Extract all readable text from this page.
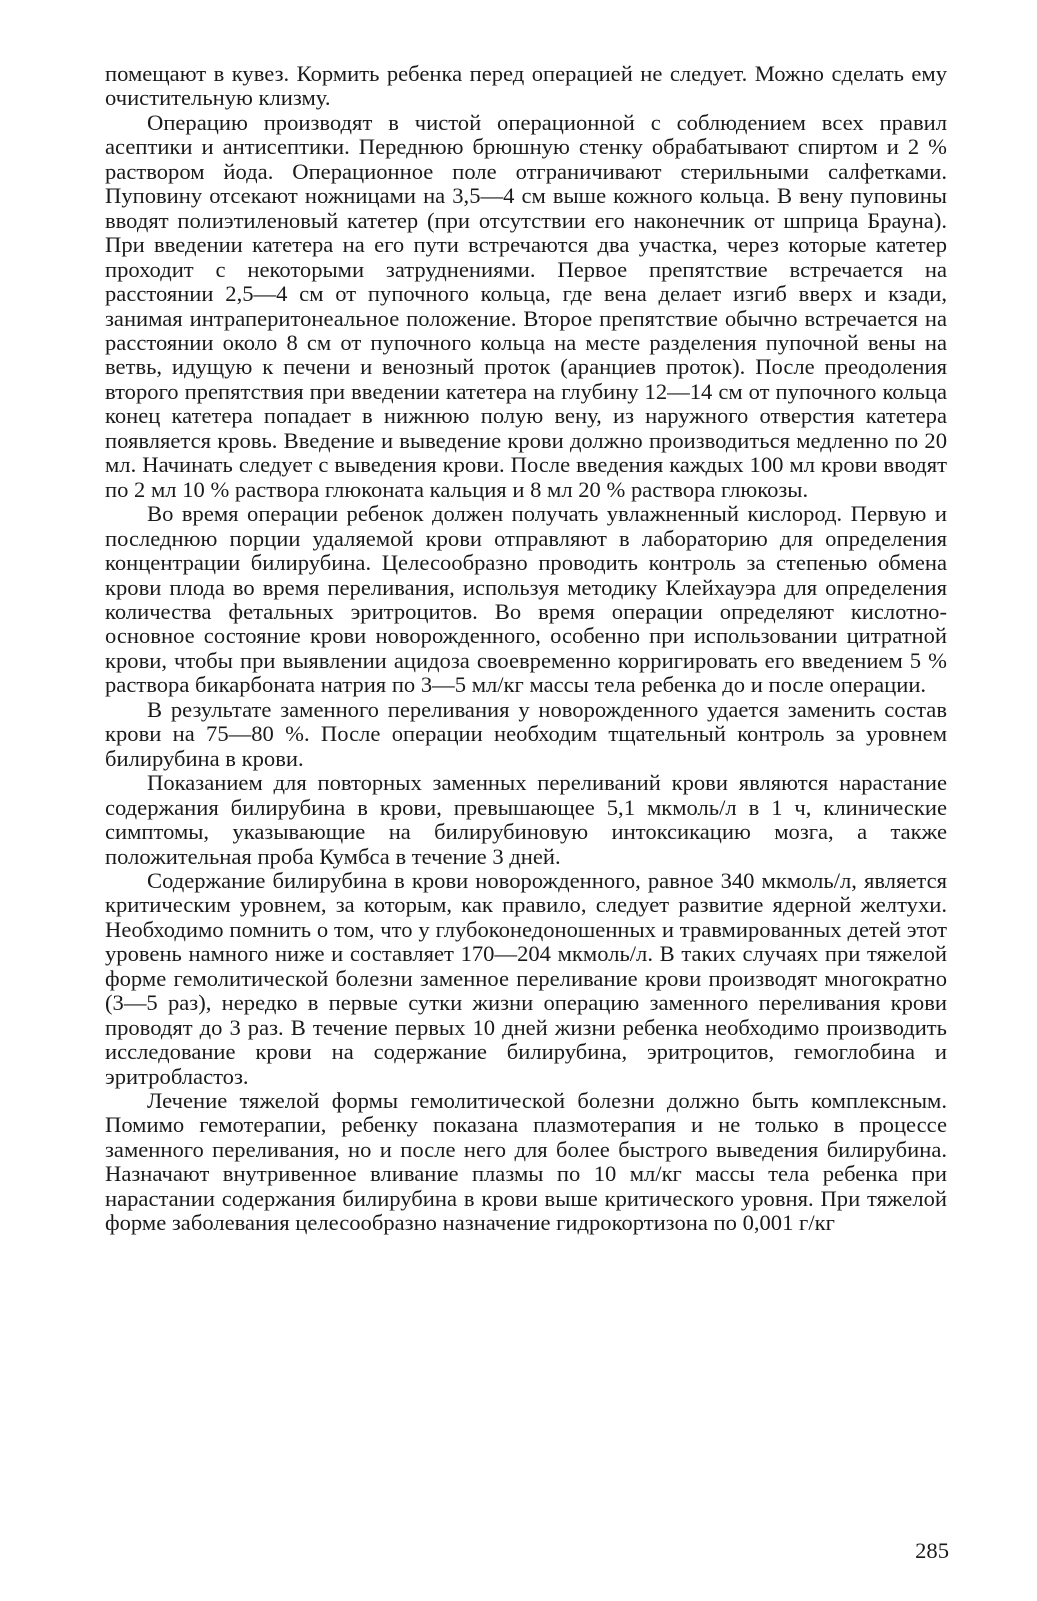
помещают в кувез. Кормить ребенка перед операцией не следует. Можно сделать ему очистительную клизму.

Операцию производят в чистой операционной с соблюдением всех правил асептики и антисептики. Переднюю брюшную стенку обрабатывают спиртом и 2 % раствором йода. Операционное поле отграничивают стерильными салфетками. Пуповину отсекают ножницами на 3,5—4 см выше кожного кольца. В вену пуповины вводят полиэтиленовый катетер (при отсутствии его наконечник от шприца Брауна). При введении катетера на его пути встречаются два участка, через которые катетер проходит с некоторыми затруднениями. Первое препятствие встречается на расстоянии 2,5—4 см от пупочного кольца, где вена делает изгиб вверх и кзади, занимая интраперитонеальное положение. Второе препятствие обычно встречается на расстоянии около 8 см от пупочного кольца на месте разделения пупочной вены на ветвь, идущую к печени и венозный проток (аранциев проток). После преодоления второго препятствия при введении катетера на глубину 12—14 см от пупочного кольца конец катетера попадает в нижнюю полую вену, из наружного отверстия катетера появляется кровь. Введение и выведение крови должно производиться медленно по 20 мл. Начинать следует с выведения крови. После введения каждых 100 мл крови вводят по 2 мл 10 % раствора глюконата кальция и 8 мл 20 % раствора глюкозы.

Во время операции ребенок должен получать увлажненный кислород. Первую и последнюю порции удаляемой крови отправляют в лабораторию для определения концентрации билирубина. Целесообразно проводить контроль за степенью обмена крови плода во время переливания, используя методику Клейхауэра для определения количества фетальных эритроцитов. Во время операции определяют кислотно-основное состояние крови новорожденного, особенно при использовании цитратной крови, чтобы при выявлении ацидоза своевременно корригировать его введением 5 % раствора бикарбоната натрия по 3—5 мл/кг массы тела ребенка до и после операции.

В результате заменного переливания у новорожденного удается заменить состав крови на 75—80 %. После операции необходим тщательный контроль за уровнем билирубина в крови.

Показанием для повторных заменных переливаний крови являются нарастание содержания билирубина в крови, превышающее 5,1 мкмоль/л в 1 ч, клинические симптомы, указывающие на билирубиновую интоксикацию мозга, а также положительная проба Кумбса в течение 3 дней.

Содержание билирубина в крови новорожденного, равное 340 мкмоль/л, является критическим уровнем, за которым, как правило, следует развитие ядерной желтухи. Необходимо помнить о том, что у глубоконедоношенных и травмированных детей этот уровень намного ниже и составляет 170—204 мкмоль/л. В таких случаях при тяжелой форме гемолитической болезни заменное переливание крови производят многократно (3—5 раз), нередко в первые сутки жизни операцию заменного переливания крови проводят до 3 раз. В течение первых 10 дней жизни ребенка необходимо производить исследование крови на содержание билирубина, эритроцитов, гемоглобина и эритробластоз.

Лечение тяжелой формы гемолитической болезни должно быть комплексным. Помимо гемотерапии, ребенку показана плазмотерапия и не только в процессе заменного переливания, но и после него для более быстрого выведения билирубина. Назначают внутривенное вливание плазмы по 10 мл/кг массы тела ребенка при нарастании содержания билирубина в крови выше критического уровня. При тяжелой форме заболевания целесообразно назначение гидрокортизона по 0,001 г/кг

285
